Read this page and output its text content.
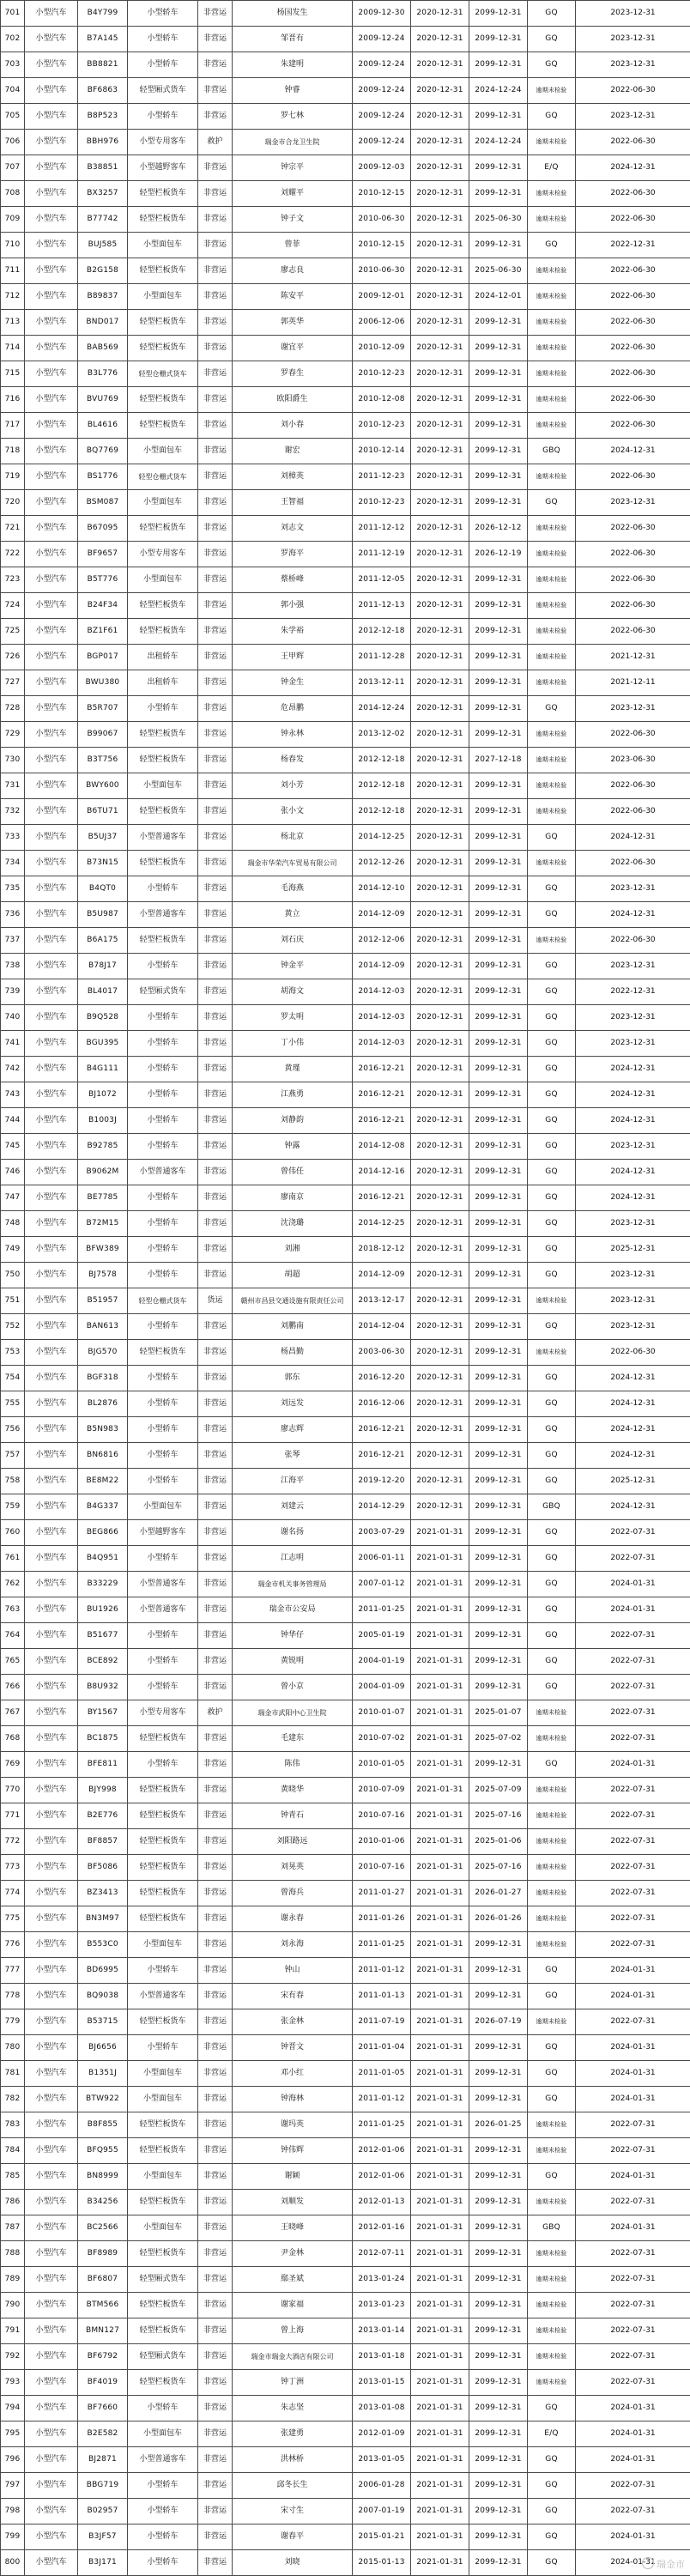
701	小型汽车	B4Y799	小型轿车	非营运	杨国发生	2009-12-30	2020-12-31	2099-12-31	GQ	2023-12-31
702	小型汽车	B7A145	小型轿车	非营运	邹晋有	2009-12-24	2020-12-31	2099-12-31	GQ	2023-12-31
703	小型汽车	BB8821	小型轿车	非营运	朱建明	2009-12-24	2020-12-31	2099-12-31	GQ	2023-12-31
704	小型汽车	BF6863	轻型厢式货车	非营运	钟睿	2009-12-24	2020-12-31	2024-12-24	逾期未检验	2022-06-30
705	小型汽车	B8P523	小型轿车	非营运	罗七林	2009-12-24	2020-12-31	2099-12-31	GQ	2023-12-31
706	小型汽车	BBH976	小型专用客车	救护	瑞金市合龙卫生院	2009-12-24	2020-12-31	2024-12-24	逾期未检验	2022-06-30
707	小型汽车	B38851	小型越野客车	非营运	钟宗平	2009-12-03	2020-12-31	2099-12-31	E/Q	2024-12-31
708	小型汽车	BX3257	轻型栏板货车	非营运	刘耀平	2010-12-15	2020-12-31	2099-12-31	逾期未检验	2022-06-30
709	小型汽车	B77742	轻型栏板货车	非营运	钟子文	2010-06-30	2020-12-31	2025-06-30	逾期未检验	2022-06-30
710	小型汽车	BUJ585	小型面包车	非营运	曾菲	2010-12-15	2020-12-31	2099-12-31	GQ	2022-12-31
711	小型汽车	B2G158	轻型栏板货车	非营运	廖志良	2010-06-30	2020-12-31	2025-06-30	逾期未检验	2022-06-30
712	小型汽车	B89837	小型面包车	非营运	陈安平	2009-12-01	2020-12-31	2024-12-01	逾期未检验	2022-06-30
713	小型汽车	BND017	轻型栏板货车	非营运	郭英华	2006-12-06	2020-12-31	2099-12-31	逾期未检验	2022-06-30
714	小型汽车	BAB569	轻型栏板货车	非营运	谢宜平	2010-12-09	2020-12-31	2099-12-31	逾期未检验	2022-06-30
715	小型汽车	B3L776	轻型仓栅式货车	非营运	罗春生	2010-12-23	2020-12-31	2099-12-31	逾期未检验	2022-06-30
716	小型汽车	BVU769	轻型栏板货车	非营运	欧阳爵生	2010-12-08	2020-12-31	2099-12-31	逾期未检验	2022-06-30
717	小型汽车	BL4616	轻型栏板货车	非营运	刘小春	2010-12-23	2020-12-31	2099-12-31	逾期未检验	2022-06-30
718	小型汽车	BQ7769	小型面包车	非营运	谢宏	2010-12-14	2020-12-31	2099-12-31	GBQ	2024-12-31
719	小型汽车	BS1776	轻型仓栅式货车	非营运	刘樟英	2011-12-23	2020-12-31	2099-12-31	逾期未检验	2022-06-30
720	小型汽车	BSM087	小型面包车	非营运	王智福	2010-12-23	2020-12-31	2099-12-31	GQ	2023-12-31
721	小型汽车	B67095	轻型栏板货车	非营运	刘志文	2011-12-12	2020-12-31	2026-12-12	逾期未检验	2022-06-30
722	小型汽车	BF9657	小型专用客车	非营运	罗海平	2011-12-19	2020-12-31	2026-12-19	逾期未检验	2022-06-30
723	小型汽车	B5T776	小型面包车	非营运	蔡桥峰	2011-12-05	2020-12-31	2099-12-31	逾期未检验	2022-06-30
724	小型汽车	B24F34	轻型栏板货车	非营运	郭小强	2011-12-13	2020-12-31	2099-12-31	逾期未检验	2022-06-30
725	小型汽车	BZ1F61	轻型栏板货车	非营运	朱学裕	2012-12-18	2020-12-31	2099-12-31	逾期未检验	2022-06-30
726	小型汽车	BGP017	出租轿车	非营运	王甲辉	2011-12-28	2020-12-31	2099-12-31	逾期未检验	2021-12-31
727	小型汽车	BWU380	出租轿车	非营运	钟金生	2013-12-11	2020-12-31	2099-12-31	逾期未检验	2021-12-11
728	小型汽车	B5R707	小型轿车	非营运	危昂鹏	2014-12-24	2020-12-31	2099-12-31	GQ	2023-12-31
729	小型汽车	B99067	轻型栏板货车	非营运	钟永林	2013-12-02	2020-12-31	2099-12-31	逾期未检验	2022-06-30
730	小型汽车	B3T756	轻型栏板货车	非营运	杨春发	2012-12-18	2020-12-31	2027-12-18	逾期未检验	2023-06-30
731	小型汽车	BWY600	小型面包车	非营运	刘小芳	2012-12-18	2020-12-31	2099-12-31	逾期未检验	2022-06-30
732	小型汽车	B6TU71	轻型栏板货车	非营运	张小文	2012-12-18	2020-12-31	2099-12-31	逾期未检验	2022-06-30
733	小型汽车	B5UJ37	小型普通客车	非营运	杨北京	2014-12-25	2020-12-31	2099-12-31	GQ	2024-12-31
734	小型汽车	B73N15	轻型栏板货车	非营运	瑞金市华荣汽车贸易有限公司	2012-12-26	2020-12-31	2099-12-31	逾期未检验	2022-06-30
735	小型汽车	B4QT0	小型轿车	非营运	毛海燕	2014-12-10	2020-12-31	2099-12-31	GQ	2023-12-31
736	小型汽车	B5U987	小型普通客车	非营运	黄立	2014-12-09	2020-12-31	2099-12-31	GQ	2024-12-31
737	小型汽车	B6A175	轻型栏板货车	非营运	刘石庆	2012-12-06	2020-12-31	2099-12-31	逾期未检验	2022-06-30
738	小型汽车	B78J17	小型轿车	非营运	钟金平	2014-12-09	2020-12-31	2099-12-31	GQ	2023-12-31
739	小型汽车	BL4017	轻型厢式货车	非营运	胡海文	2014-12-03	2020-12-31	2099-12-31	GQ	2022-12-31
740	小型汽车	B9Q528	小型轿车	非营运	罗太明	2014-12-03	2020-12-31	2099-12-31	GQ	2023-12-31
741	小型汽车	BGU395	小型轿车	非营运	丁小伟	2014-12-03	2020-12-31	2099-12-31	GQ	2023-12-31
742	小型汽车	B4G111	小型轿车	非营运	黄瑾	2016-12-21	2020-12-31	2099-12-31	GQ	2024-12-31
743	小型汽车	BJ1072	小型轿车	非营运	江燕勇	2016-12-21	2020-12-31	2099-12-31	GQ	2024-12-31
744	小型汽车	B1003J	小型轿车	非营运	刘静韵	2016-12-21	2020-12-31	2099-12-31	GQ	2024-12-31
745	小型汽车	B92785	小型轿车	非营运	钟露	2014-12-08	2020-12-31	2099-12-31	GQ	2023-12-31
746	小型汽车	B9062M	小型普通客车	非营运	曾伟任	2014-12-16	2020-12-31	2099-12-31	GQ	2024-12-31
747	小型汽车	BE7785	小型轿车	非营运	廖南京	2016-12-21	2020-12-31	2099-12-31	GQ	2024-12-31
748	小型汽车	B72M15	小型轿车	非营运	沈浇璐	2014-12-25	2020-12-31	2099-12-31	GQ	2023-12-31
749	小型汽车	BFW389	小型轿车	非营运	刘湘	2018-12-12	2020-12-31	2099-12-31	GQ	2025-12-31
750	小型汽车	BJ7578	小型轿车	非营运	胡超	2014-12-09	2020-12-31	2099-12-31	GQ	2023-12-31
751	小型汽车	B51957	轻型仓栅式货车	货运	赣州市昌县交通设施有限责任公司	2013-12-17	2020-12-31	2099-12-31	逾期未检验	2023-12-31
752	小型汽车	BAN613	小型轿车	非营运	刘鹏南	2014-12-04	2020-12-31	2099-12-31	GQ	2023-12-31
753	小型汽车	BJG570	轻型栏板货车	非营运	杨昌勤	2003-06-30	2020-12-31	2099-12-31	逾期未检验	2022-06-30
754	小型汽车	BGF318	小型轿车	非营运	郭东	2016-12-20	2020-12-31	2099-12-31	GQ	2024-12-31
755	小型汽车	BL2876	小型轿车	非营运	刘远发	2016-12-06	2020-12-31	2099-12-31	GQ	2024-12-31
756	小型汽车	B5N983	小型轿车	非营运	廖志辉	2016-12-21	2020-12-31	2099-12-31	GQ	2024-12-31
757	小型汽车	BN6816	小型轿车	非营运	张琴	2016-12-21	2020-12-31	2099-12-31	GQ	2024-12-31
758	小型汽车	BE8M22	小型轿车	非营运	江海平	2019-12-20	2020-12-31	2099-12-31	GQ	2025-12-31
759	小型汽车	B4G337	小型面包车	非营运	刘建云	2014-12-29	2020-12-31	2099-12-31	GBQ	2024-12-31
760	小型汽车	BEG866	小型越野客车	非营运	谢名扬	2003-07-29	2021-01-31	2099-12-31	GQ	2022-07-31
761	小型汽车	B4Q951	小型轿车	非营运	江志明	2006-01-11	2021-01-31	2099-12-31	GQ	2022-07-31
762	小型汽车	B33229	小型普通客车	非营运	瑞金市机关事务管理局	2007-01-12	2021-01-31	2099-12-31	GQ	2024-01-31
763	小型汽车	BU1926	小型普通客车	非营运	瑞金市公安局	2011-01-25	2021-01-31	2099-12-31	GQ	2024-01-31
764	小型汽车	B51677	小型轿车	非营运	钟华仔	2005-01-19	2021-01-31	2099-12-31	GQ	2022-07-31
765	小型汽车	BCE892	小型轿车	非营运	黄锐明	2004-01-19	2021-01-31	2099-12-31	GQ	2022-07-31
766	小型汽车	B8U932	小型轿车	非营运	曾小京	2004-01-09	2021-01-31	2099-12-31	GQ	2022-07-31
767	小型汽车	BY1567	小型专用客车	救护	瑞金市武阳中心卫生院	2010-01-07	2021-01-31	2025-01-07	逾期未检验	2022-07-31
768	小型汽车	BC1875	轻型栏板货车	非营运	毛建东	2010-07-02	2021-01-31	2025-07-02	逾期未检验	2022-07-31
769	小型汽车	BFE811	小型轿车	非营运	陈伟	2010-01-05	2021-01-31	2099-12-31	GQ	2024-01-31
770	小型汽车	BJY998	轻型栏板货车	非营运	黄晓华	2010-07-09	2021-01-31	2025-07-09	逾期未检验	2022-07-31
771	小型汽车	B2E776	轻型栏板货车	非营运	钟青石	2010-07-16	2021-01-31	2025-07-16	逾期未检验	2022-07-31
772	小型汽车	BF8857	轻型栏板货车	非营运	刘阳路远	2010-01-06	2021-01-31	2025-01-06	逾期未检验	2022-07-31
773	小型汽车	BF5086	轻型栏板货车	非营运	刘晃英	2010-07-16	2021-01-31	2025-07-16	逾期未检验	2022-07-31
774	小型汽车	BZ3413	轻型栏板货车	非营运	曾海兵	2011-01-27	2021-01-31	2026-01-27	逾期未检验	2022-07-31
775	小型汽车	BN3M97	轻型栏板货车	非营运	谢永春	2011-01-26	2021-01-31	2026-01-26	逾期未检验	2022-07-31
776	小型汽车	B553C0	小型面包车	非营运	刘永海	2011-01-25	2021-01-31	2099-12-31	逾期未检验	2022-07-31
777	小型汽车	BD6995	小型轿车	非营运	钟山	2011-01-12	2021-01-31	2099-12-31	GQ	2024-01-31
778	小型汽车	BQ9038	小型普通客车	非营运	宋有春	2011-01-13	2021-01-31	2099-12-31	GQ	2024-01-31
779	小型汽车	B53715	轻型栏板货车	非营运	张金林	2011-07-19	2021-01-31	2026-07-19	逾期未检验	2022-07-31
780	小型汽车	BJ6656	小型轿车	非营运	钟晋文	2011-01-04	2021-01-31	2099-12-31	GQ	2024-01-31
781	小型汽车	B1351J	小型面包车	非营运	邓小红	2011-01-05	2021-01-31	2099-12-31	GQ	2024-01-31
782	小型汽车	BTW922	小型面包车	非营运	钟海林	2011-01-12	2021-01-31	2099-12-31	GQ	2024-01-31
783	小型汽车	B8F855	轻型栏板货车	非营运	谢玛英	2011-01-25	2021-01-31	2026-01-25	逾期未检验	2022-07-31
784	小型汽车	BFQ955	轻型栏板货车	非营运	钟伟辉	2012-01-06	2021-01-31	2099-12-31	逾期未检验	2022-07-31
785	小型汽车	BN8999	小型面包车	非营运	谢颖	2012-01-06	2021-01-31	2099-12-31	GQ	2024-01-31
786	小型汽车	B34256	轻型栏板货车	非营运	刘顺发	2012-01-13	2021-01-31	2099-12-31	逾期未检验	2022-07-31
787	小型汽车	BC2566	小型面包车	非营运	王晓峰	2012-01-16	2021-01-31	2099-12-31	GBQ	2024-01-31
788	小型汽车	BF8989	轻型栏板货车	非营运	尹金林	2012-07-11	2021-01-31	2099-12-31	逾期未检验	2022-07-31
789	小型汽车	BF6807	轻型厢式货车	非营运	鄢圣斌	2013-01-24	2021-01-31	2099-12-31	逾期未检验	2022-07-31
790	小型汽车	BTM566	轻型栏板货车	非营运	谢家福	2013-01-23	2021-01-31	2099-12-31	逾期未检验	2022-07-31
791	小型汽车	BMN127	轻型栏板货车	非营运	曾上海	2013-01-14	2021-01-31	2099-12-31	逾期未检验	2022-07-31
792	小型汽车	BF6792	轻型厢式货车	非营运	瑞金市瑞金大酒店有限公司	2013-01-18	2021-01-31	2099-12-31	逾期未检验	2022-07-31
793	小型汽车	BF4019	轻型栏板货车	非营运	钟丁洲	2013-01-15	2021-01-31	2099-12-31	逾期未检验	2022-07-31
794	小型汽车	BF7660	小型轿车	非营运	朱志坚	2013-01-08	2021-01-31	2099-12-31	GQ	2024-01-31
795	小型汽车	B2E582	小型面包车	非营运	张建勇	2012-01-09	2021-01-31	2099-12-31	E/Q	2024-01-31
796	小型汽车	BJ2871	小型普通客车	非营运	洪林桥	2013-01-05	2021-01-31	2099-12-31	GQ	2024-01-31
797	小型汽车	BBG719	小型轿车	非营运	邱冬长生	2006-01-28	2021-01-31	2099-12-31	GQ	2022-07-31
798	小型汽车	B02957	小型轿车	非营运	宋寸生	2007-01-19	2021-01-31	2099-12-31	GQ	2022-07-31
799	小型汽车	B3JF57	小型轿车	非营运	谢春平	2015-01-21	2021-01-31	2099-12-31	GQ	2024-01-31
800	小型汽车	B3J171	小型轿车	非营运	刘晓	2015-01-13	2021-01-31	2099-12-31	GQ	2024-01-31 瑞金市
